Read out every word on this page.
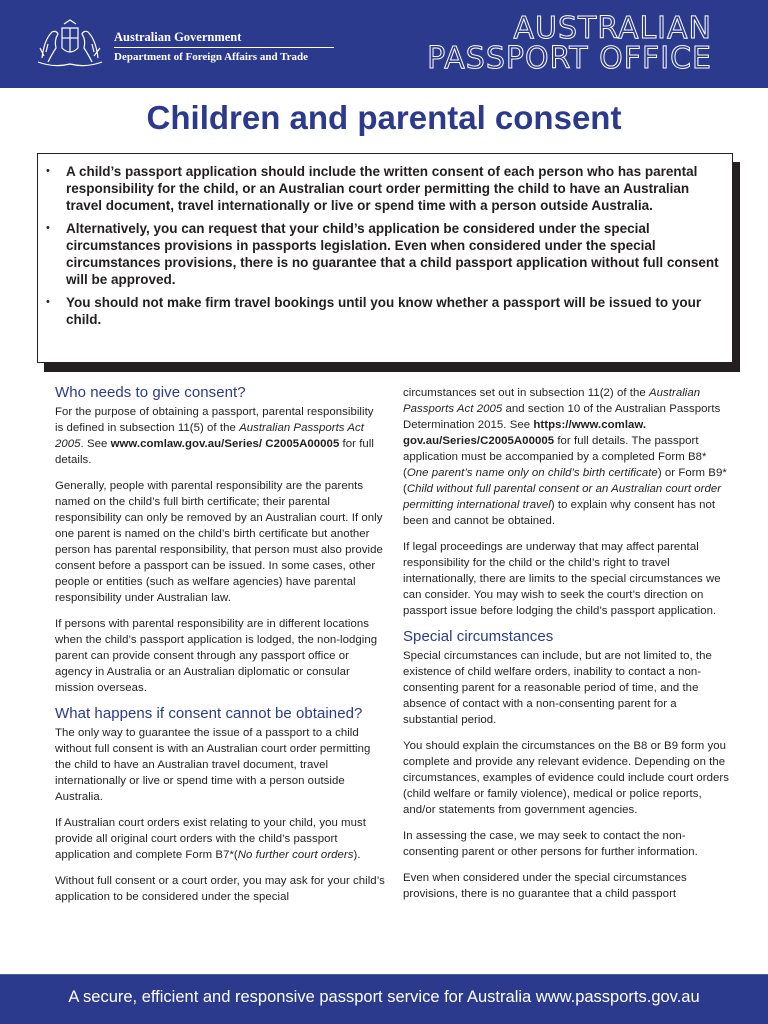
Australian Government
Department of Foreign Affairs and Trade
AUSTRALIAN
PASSPORT OFFICE
Children and parental consent
• A child’s passport application should include the written consent of each person who has parental responsibility for the child, or an Australian court order permitting the child to have an Australian travel document, travel internationally or live or spend time with a person outside Australia.
• Alternatively, you can request that your child’s application be considered under the special circumstances provisions in passports legislation. Even when considered under the special circumstances provisions, there is no guarantee that a child passport application without full consent will be approved.
• You should not make firm travel bookings until you know whether a passport will be issued to your child.
Who needs to give consent?

For the purpose of obtaining a passport, parental responsibility is defined in subsection 11(5) of the Australian Passports Act 2005. See www.comlaw.gov.au/Series/ C2005A00005 for full details.

Generally, people with parental responsibility are the parents named on the child’s full birth certificate; their parental responsibility can only be removed by an Australian court. If only one parent is named on the child’s birth certificate but another person has parental responsibility, that person must also provide consent before a passport can be issued. In some cases, other people or entities (such as welfare agencies) have parental responsibility under Australian law.

If persons with parental responsibility are in different locations when the child’s passport application is lodged, the non-lodging parent can provide consent through any passport office or agency in Australia or an Australian diplomatic or consular mission overseas.

What happens if consent cannot be obtained?

The only way to guarantee the issue of a passport to a child without full consent is with an Australian court order permitting the child to have an Australian travel document, travel internationally or live or spend time with a person outside Australia.

If Australian court orders exist relating to your child, you must provide all original court orders with the child’s passport application and complete Form B7*(No further court orders).

Without full consent or a court order, you may ask for your child’s application to be considered under the special

circumstances set out in subsection 11(2) of the Australian Passports Act 2005 and section 10 of the Australian Passports Determination 2015. See https://www.comlaw. gov.au/Series/C2005A00005 for full details. The passport application must be accompanied by a completed Form B8* (One parent’s name only on child’s birth certificate) or Form B9* (Child without full parental consent or an Australian court order permitting international travel) to explain why consent has not been and cannot be obtained.

If legal proceedings are underway that may affect parental responsibility for the child or the child’s right to travel internationally, there are limits to the special circumstances we can consider. You may wish to seek the court’s direction on passport issue before lodging the child’s passport application.

Special circumstances

Special circumstances can include, but are not limited to, the existence of child welfare orders, inability to contact a non-consenting parent for a reasonable period of time, and the absence of contact with a non-consenting parent for a substantial period.

You should explain the circumstances on the B8 or B9 form you complete and provide any relevant evidence. Depending on the circumstances, examples of evidence could include court orders (child welfare or family violence), medical or police reports, and/or statements from government agencies.

In assessing the case, we may seek to contact the non-consenting parent or other persons for further information.

Even when considered under the special circumstances provisions, there is no guarantee that a child passport

A secure, efficient and responsive passport service for Australia www.passports.gov.au
